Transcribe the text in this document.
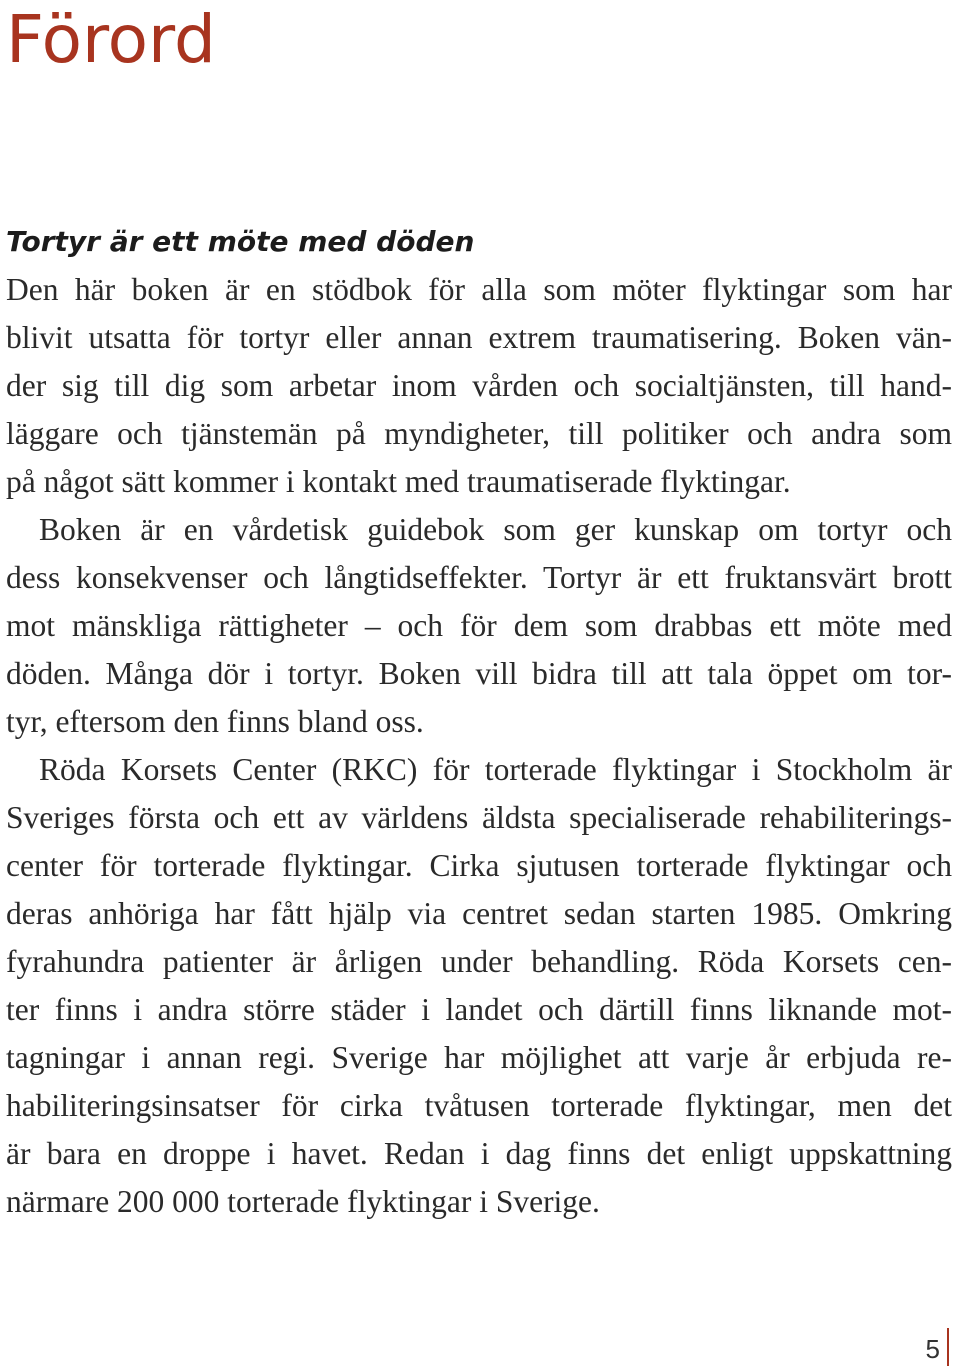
Förord
Tortyr är ett möte med döden
Den här boken är en stödbok för alla som möter flyktingar som har
blivit utsatta för tortyr eller annan extrem traumatisering. Boken vän-
der sig till dig som arbetar inom vården och socialtjänsten, till hand-
läggare och tjänstemän på myndigheter, till politiker och andra som
på något sätt kommer i kontakt med traumatiserade flyktingar.
Boken är en vårdetisk guidebok som ger kunskap om tortyr och
dess konsekvenser och långtidseffekter. Tortyr är ett fruktansvärt brott
mot mänskliga rättigheter – och för dem som drabbas ett möte med
döden. Många dör i tortyr. Boken vill bidra till att tala öppet om tor-
tyr, eftersom den finns bland oss.
Röda Korsets Center (RKC) för torterade flyktingar i Stockholm är
Sveriges första och ett av världens äldsta specialiserade rehabiliterings-
center för torterade flyktingar. Cirka sjutusen torterade flyktingar och
deras anhöriga har fått hjälp via centret sedan starten 1985. Omkring
fyrahundra patienter är årligen under behandling. Röda Korsets cen-
ter finns i andra större städer i landet och därtill finns liknande mot-
tagningar i annan regi. Sverige har möjlighet att varje år erbjuda re-
habiliteringsinsatser för cirka tvåtusen torterade flyktingar, men det
är bara en droppe i havet. Redan i dag finns det enligt uppskattning
närmare 200 000 torterade flyktingar i Sverige.
5
